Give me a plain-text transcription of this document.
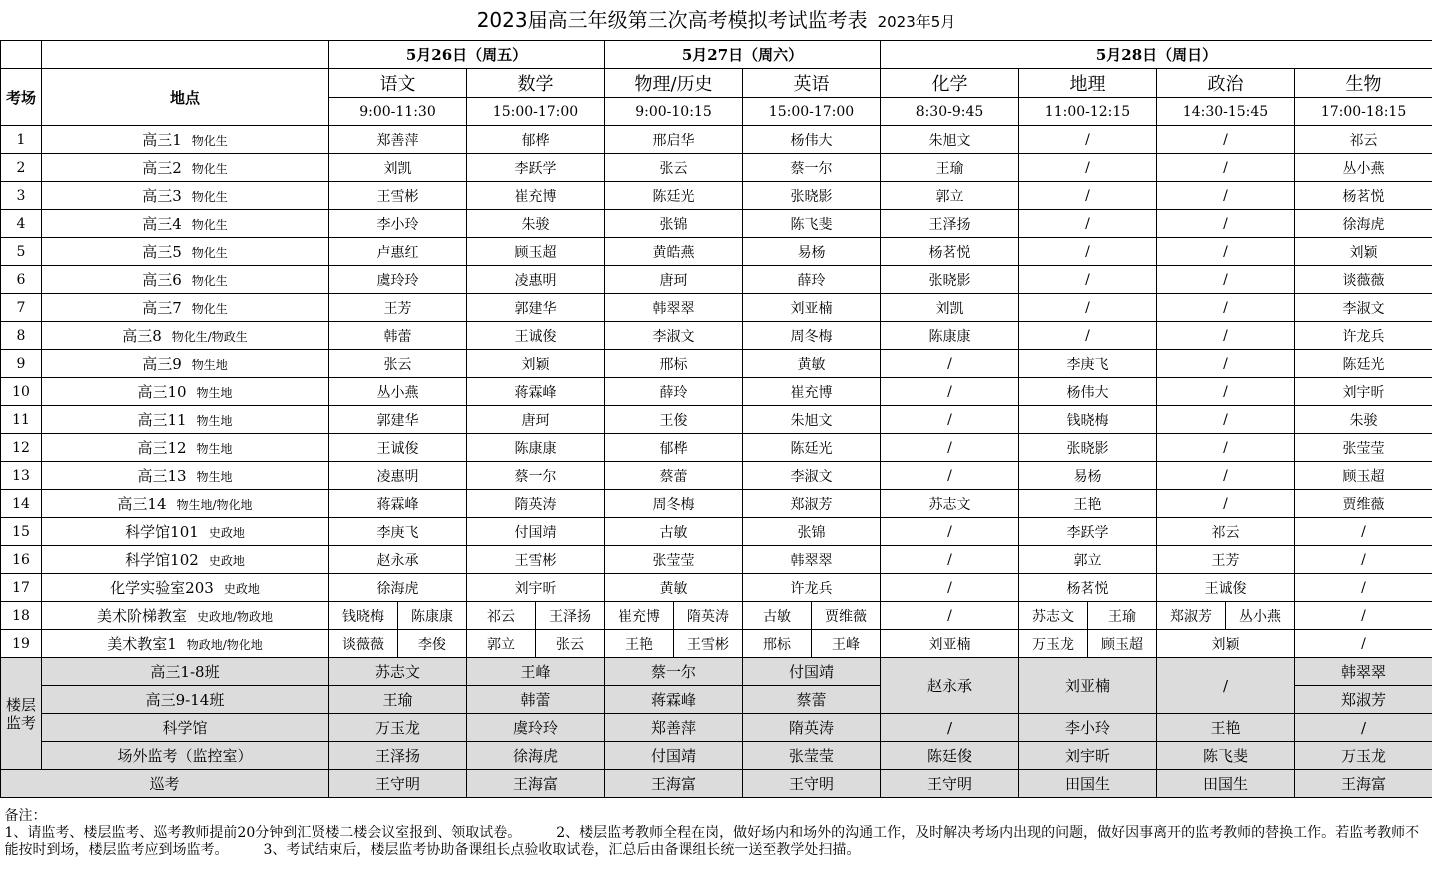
2023届高三年级第三次高考模拟考试监考表 2023年5月
		5月26日（周五）				5月27日（周六）				5月28日（周日）					
考场	地点	语文		数学		物理/历史		英语		化学	地理		政治		生物
		9:00-11:30		15:00-17:00		9:00-10:15		15:00-17:00		8:30-9:45	11:00-12:15		14:30-15:45		17:00-18:15
1	高三1 物化生	郑善萍		郁桦		邢启华		杨伟大		朱旭文	/		/		祁云
2	高三2 物化生	刘凯		李跃学		张云		蔡一尔		王瑜	/		/		丛小燕
3	高三3 物化生	王雪彬		崔充博		陈廷光		张晓影		郭立	/		/		杨茗悦
4	高三4 物化生	李小玲		朱骏		张锦		陈飞斐		王泽扬	/		/		徐海虎
5	高三5 物化生	卢惠红		顾玉超		黄皓燕		易杨		杨茗悦	/		/		刘颖
6	高三6 物化生	虞玲玲		凌惠明		唐珂		薛玲		张晓影	/		/		谈薇薇
7	高三7 物化生	王芳		郭建华		韩翠翠		刘亚楠		刘凯	/		/		李淑文
8	高三8 物化生/物政生	韩蕾		王诚俊		李淑文		周冬梅		陈康康	/		/		许龙兵
9	高三9 物生地	张云		刘颖		邢标		黄敏		/	李庚飞		/		陈廷光
10	高三10 物生地	丛小燕		蒋霖峰		薛玲		崔充博		/	杨伟大		/		刘宇昕
11	高三11 物生地	郭建华		唐珂		王俊		朱旭文		/	钱晓梅		/		朱骏
12	高三12 物生地	王诚俊		陈康康		郁桦		陈廷光		/	张晓影		/		张莹莹
13	高三13 物生地	凌惠明		蔡一尔		蔡蕾		李淑文		/	易杨		/		顾玉超
14	高三14 物生地/物化地	蒋霖峰		隋英涛		周冬梅		郑淑芳		苏志文	王艳		/		贾维薇
15	科学馆101 史政地	李庚飞		付国靖		古敏		张锦		/	李跃学		祁云		/
16	科学馆102 史政地	赵永承		王雪彬		张莹莹		韩翠翠		/	郭立		王芳		/
17	化学实验室203 史政地	徐海虎		刘宇昕		黄敏		许龙兵		/	杨茗悦		王诚俊		/
18	美术阶梯教室 史政地/物政地	钱晓梅	陈康康	祁云	王泽扬	崔充博	隋英涛	古敏	贾维薇	/	苏志文	王瑜	郑淑芳	丛小燕	/
19	美术教室1 物政地/物化地	谈薇薇	李俊	郭立	张云	王艳	王雪彬	邢标	王峰	刘亚楠	万玉龙	顾玉超	刘颖		/
楼层监考	高三1-8班	苏志文		王峰		蔡一尔		付国靖		赵永承	刘亚楠		/		韩翠翠
	高三9-14班	王瑜		韩蕾		蒋霖峰		蔡蕾							郑淑芳
	科学馆	万玉龙		虞玲玲		郑善萍		隋英涛		/	李小玲		王艳		/
	场外监考（监控室）	王泽扬		徐海虎		付国靖		张莹莹		陈廷俊	刘宇昕		陈飞斐		万玉龙
巡考		王守明		王海富		王海富		王守明		王守明	田国生		田国生		王海富

备注：
1、请监考、楼层监考、巡考教师提前20分钟到汇贤楼二楼会议室报到、领取试卷。　　　2、楼层监考教师全程在岗，做好场内和场外的沟通工作，及时解决考场内出现的问题，做好因事离开的监考教师的替换工作。若监考教师不能按时到场，楼层监考应到场监考。　　　3、考试结束后，楼层监考协助备课组长点验收取试卷，汇总后由备课组长统一送至教学处扫描。															
